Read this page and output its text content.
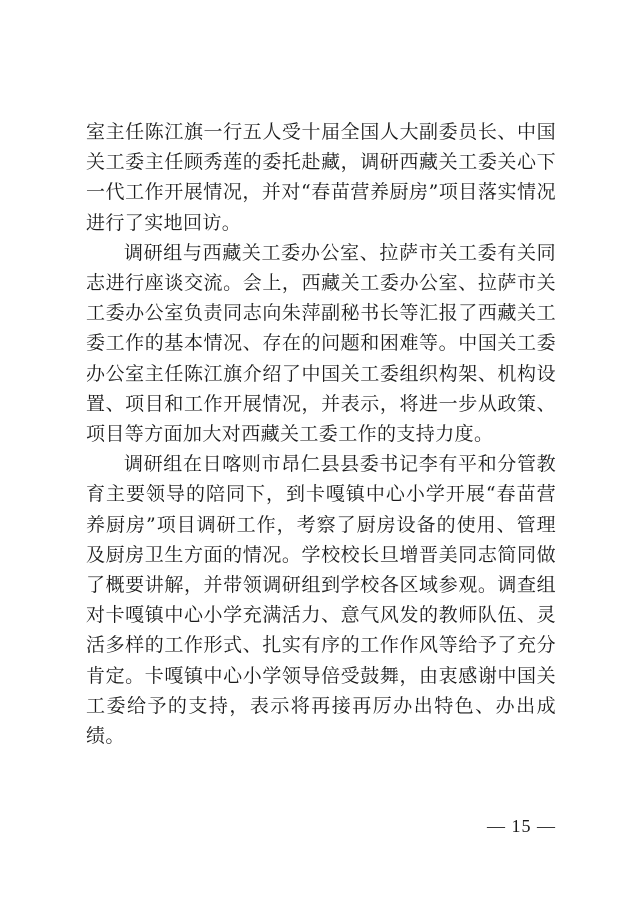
室主任陈江旗一行五人受十届全国人大副委员长、中国关工委主任顾秀莲的委托赴藏，调研西藏关工委关心下一代工作开展情况，并对“春苗营养厨房”项目落实情况进行了实地回访。

调研组与西藏关工委办公室、拉萨市关工委有关同志进行座谈交流。会上，西藏关工委办公室、拉萨市关工委办公室负责同志向朱萍副秘书长等汇报了西藏关工委工作的基本情况、存在的问题和困难等。中国关工委办公室主任陈江旗介绍了中国关工委组织构架、机构设置、项目和工作开展情况，并表示，将进一步从政策、项目等方面加大对西藏关工委工作的支持力度。

调研组在日喀则市昂仁县县委书记李有平和分管教育主要领导的陪同下，到卡嘎镇中心小学开展“春苗营养厨房”项目调研工作，考察了厨房设备的使用、管理及厨房卫生方面的情况。学校校长旦增晋美同志简同做了概要讲解，并带领调研组到学校各区域参观。调查组对卡嘎镇中心小学充满活力、意气风发的教师队伍、灵活多样的工作形式、扎实有序的工作作风等给予了充分肯定。卡嘎镇中心小学领导倍受鼓舞，由衷感谢中国关工委给予的支持，表示将再接再厉办出特色、办出成绩。

— 15 —
